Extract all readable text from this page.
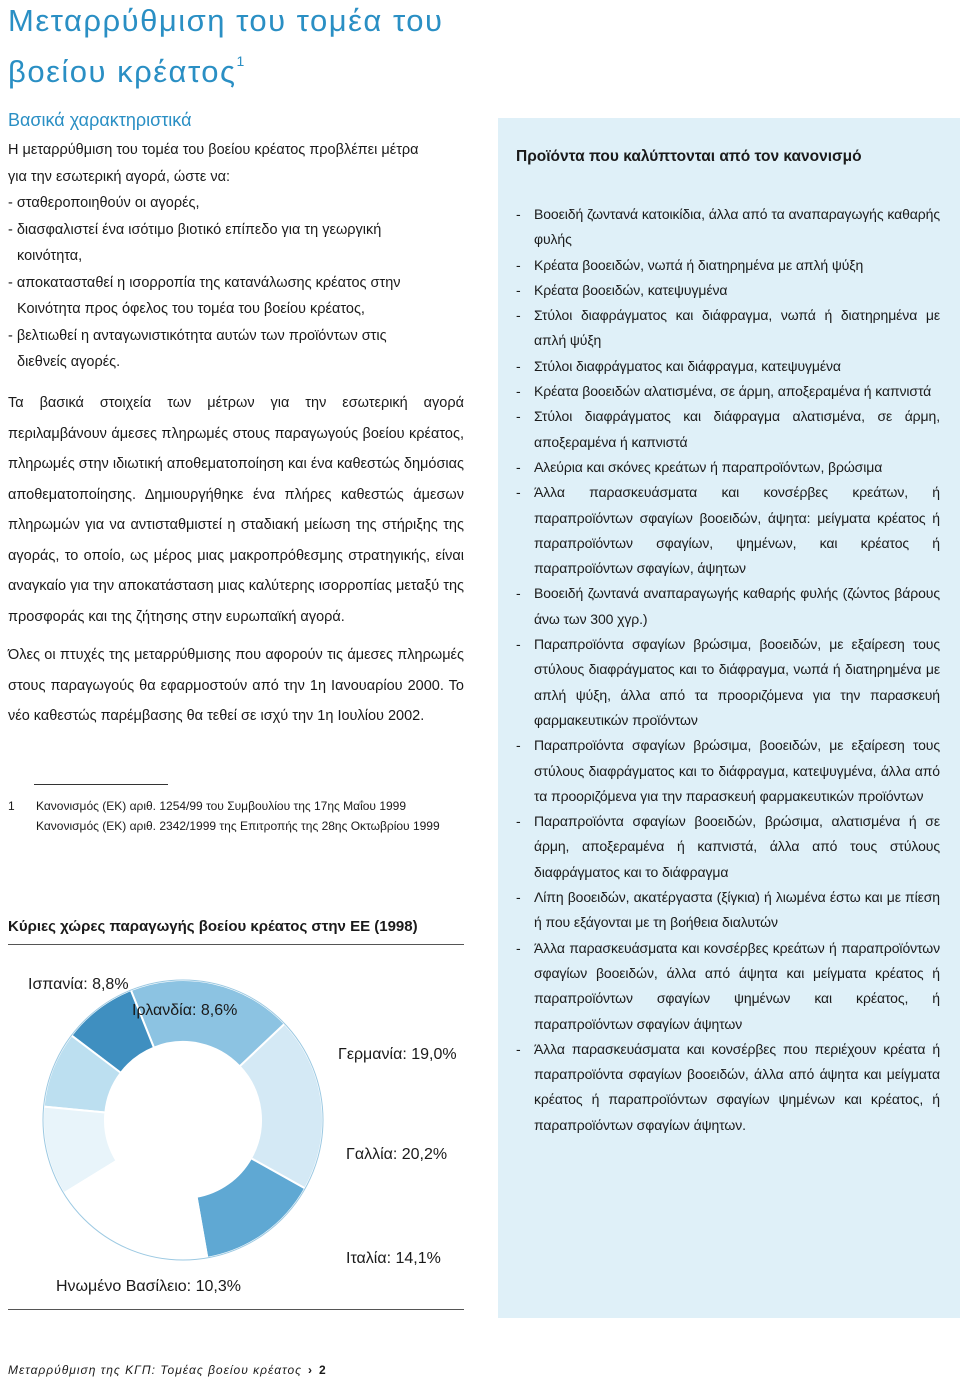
Μεταρρύθμιση του τομέα του
βοείου κρέατος$^1$
Βασικά χαρακτηριστικά
Η μεταρρύθμιση του τομέα του βοείου κρέατος προβλέπει μέτρα
για την εσωτερική αγορά, ώστε να:
- σταθεροποιηθούν οι αγορές,
- διασφαλιστεί ένα ισότιμο βιοτικό επίπεδο για τη γεωργική
κοινότητα,
- αποκατασταθεί η ισορροπία της κατανάλωσης κρέατος στην
Κοινότητα προς όφελος του τομέα του βοείου κρέατος,
- βελτιωθεί η ανταγωνιστικότητα αυτών των προϊόντων στις
διεθνείς αγορές.

Τα βασικά στοιχεία των μέτρων για την εσωτερική αγορά περιλαμβάνουν άμεσες πληρωμές στους παραγωγούς βοείου κρέατος, πληρωμές στην ιδιωτική αποθεματοποίηση και ένα καθεστώς δημόσιας αποθεματοποίησης. Δημιουργήθηκε ένα πλήρες καθεστώς άμεσων πληρωμών για να αντισταθμιστεί η σταδιακή μείωση της στήριξης της αγοράς, το οποίο, ως μέρος μιας μακροπρόθεσμης στρατηγικής, είναι αναγκαίο για την αποκατάσταση μιας καλύτερης ισορροπίας μεταξύ της προσφοράς και της ζήτησης στην ευρωπαϊκή αγορά.

Όλες οι πτυχές της μεταρρύθμισης που αφορούν τις άμεσες πληρωμές στους παραγωγούς θα εφαρμοστούν από την 1η Ιανουαρίου 2000. Το νέο καθεστώς παρέμβασης θα τεθεί σε ισχύ την 1η Ιουλίου 2002.

1 Κανονισμός (ΕΚ) αριθ. 1254/99 του Συμβουλίου της 17ης Μαΐου 1999
Κανονισμός (ΕΚ) αριθ. 2342/1999 της Επιτροπής της 28ης Οκτωβρίου 1999
Κύριες χώρες παραγωγής βοείου κρέατος στην ΕΕ (1998)
Ιταλία: 14,1%
Γαλλία: 20,2%
Γερμανία: 19,0%
Ιρλανδία: 8,6%
Ισπανία: 8,8%
Ηνωμένο Βασίλειο: 10,3%
Προϊόντα που καλύπτονται από τον κανονισμό
- Βοοειδή ζωντανά κατοικίδια, άλλα από τα αναπαραγωγής καθαρής φυλής
- Κρέατα βοοειδών, νωπά ή διατηρημένα με απλή ψύξη
- Κρέατα βοοειδών, κατεψυγμένα
- Στύλοι διαφράγματος και διάφραγμα, νωπά ή διατηρημένα με απλή ψύξη
- Στύλοι διαφράγματος και διάφραγμα, κατεψυγμένα
- Κρέατα βοοειδών αλατισμένα, σε άρμη, αποξεραμένα ή καπνιστά
- Στύλοι διαφράγματος και διάφραγμα αλατισμένα, σε άρμη, αποξεραμένα ή καπνιστά
- Αλεύρια και σκόνες κρεάτων ή παραπροϊόντων, βρώσιμα
- Άλλα παρασκευάσματα και κονσέρβες κρεάτων, ή παραπροϊόντων σφαγίων βοοειδών, άψητα: μείγματα κρέατος ή παραπροϊόντων σφαγίων, ψημένων, και κρέατος ή παραπροϊόντων σφαγίων, άψητων
- Βοοειδή ζωντανά αναπαραγωγής καθαρής φυλής (ζώντος βάρους άνω των 300 χγρ.)
- Παραπροϊόντα σφαγίων βρώσιμα, βοοειδών, με εξαίρεση τους στύλους διαφράγματος και το διάφραγμα, νωπά ή διατηρημένα με απλή ψύξη, άλλα από τα προοριζόμενα για την παρασκευή φαρμακευτικών προϊόντων
- Παραπροϊόντα σφαγίων βρώσιμα, βοοειδών, με εξαίρεση τους στύλους διαφράγματος και το διάφραγμα, κατεψυγμένα, άλλα από τα προοριζόμενα για την παρασκευή φαρμακευτικών προϊόντων
- Παραπροϊόντα σφαγίων βοοειδών, βρώσιμα, αλατισμένα ή σε άρμη, αποξεραμένα ή καπνιστά, άλλα από τους στύλους διαφράγματος και το διάφραγμα
- Λίπη βοοειδών, ακατέργαστα (ξίγκια) ή λιωμένα έστω και με πίεση ή που εξάγονται με τη βοήθεια διαλυτών
- Άλλα παρασκευάσματα και κονσέρβες κρεάτων ή παραπροϊόντων σφαγίων βοοειδών, άλλα από άψητα και μείγματα κρέατος ή παραπροϊόντων σφαγίων ψημένων και κρέατος, ή παραπροϊόντων σφαγίων άψητων
- Άλλα παρασκευάσματα και κονσέρβες που περιέχουν κρέατα ή παραπροϊόντα σφαγίων βοοειδών, άλλα από άψητα και μείγματα κρέατος ή παραπροϊόντων σφαγίων ψημένων και κρέατος, ή παραπροϊόντων σφαγίων άψητων.
Μεταρρύθμιση της ΚΓΠ: Τομέας βοείου κρέατος › 2
